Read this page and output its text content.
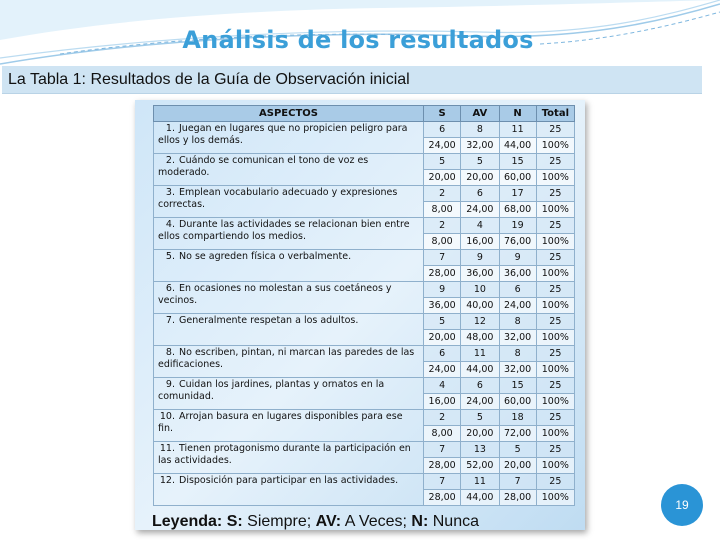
Análisis de los resultados
La Tabla 1: Resultados de la Guía de Observación inicial
ASPECTOS	S	AV	N	Total
1. Juegan en lugares que no propicien peligro para ellos y los demás.	6	8	11	25
	24,00	32,00	44,00	100%
2. Cuándo se comunican el tono de voz es moderado.	5	5	15	25
	20,00	20,00	60,00	100%
3. Emplean vocabulario adecuado y expresiones correctas.	2	6	17	25
	8,00	24,00	68,00	100%
4. Durante las actividades se relacionan bien entre ellos compartiendo los medios.	2	4	19	25
	8,00	16,00	76,00	100%
5. No se agreden física o verbalmente.	7	9	9	25
	28,00	36,00	36,00	100%
6. En ocasiones no molestan a sus coetáneos y vecinos.	9	10	6	25
	36,00	40,00	24,00	100%
7. Generalmente respetan a los adultos.	5	12	8	25
	20,00	48,00	32,00	100%
8. No escriben, pintan, ni marcan las paredes de las edificaciones.	6	11	8	25
	24,00	44,00	32,00	100%
9. Cuidan los jardines, plantas y ornatos en la comunidad.	4	6	15	25
	16,00	24,00	60,00	100%
10. Arrojan basura en lugares disponibles para ese fin.	2	5	18	25
	8,00	20,00	72,00	100%
11. Tienen protagonismo durante la participación en las actividades.	7	13	5	25
	28,00	52,00	20,00	100%
12. Disposición para participar en las actividades.	7	11	7	25
	28,00	44,00	28,00	100%
Leyenda: S: Siempre; AV: A Veces; N: Nunca
19
